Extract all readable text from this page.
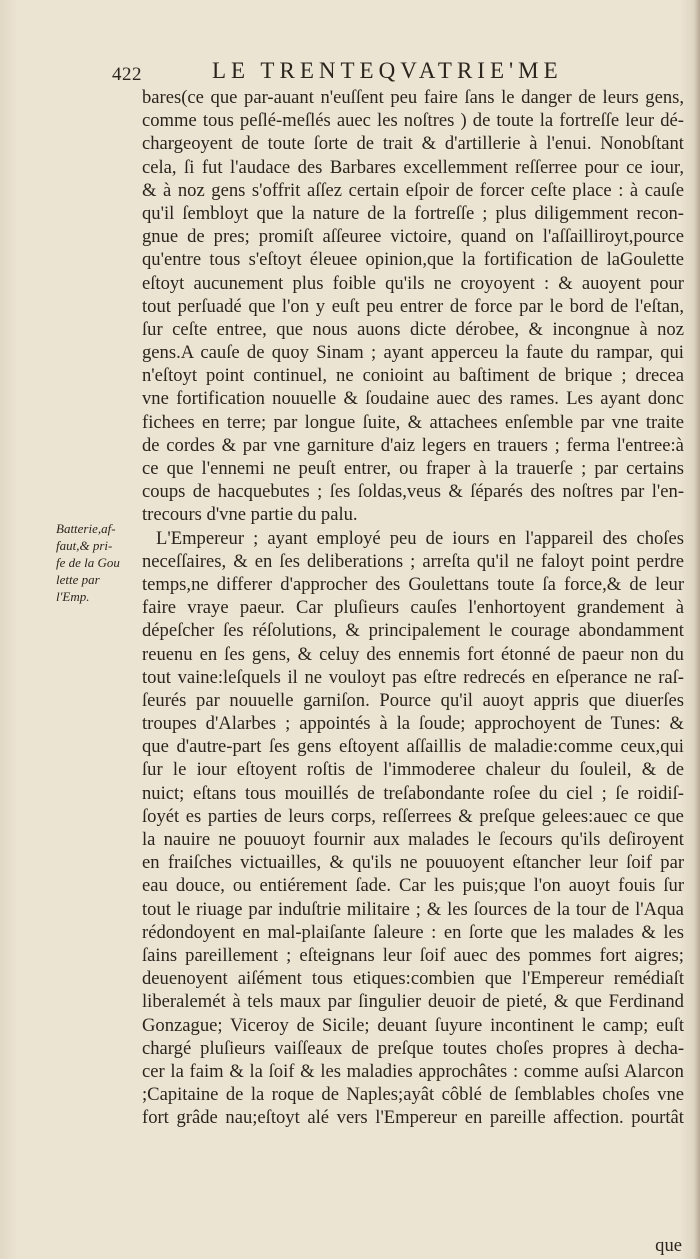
422	LE TRENTEQVATRIE'ME
Batterie,af-
faut,& pri-
fe de la Gou
lette par
l'Emp.
bares(ce que par-auant n'euſſent peu faire ſans le danger de leurs gens,
comme tous peſlé-meſlés auec les noſtres ) de toute la fortreſſe leur dé-
chargeoyent de toute ſorte de trait & d'artillerie à l'enui. Nonobſtant
cela, ſi fut l'audace des Barbares excellemment reſſerree pour ce iour,
& à noz gens s'offrit aſſez certain eſpoir de forcer ceſte place : à cauſe
qu'il ſembloyt que la nature de la fortreſſe ; plus diligemment recon-
gnue de pres; promiſt aſſeuree victoire, quand on l'aſſailliroyt,pource
qu'entre tous s'eſtoyt éleuee opinion,que la fortification de laGoulette
eſtoyt aucunement plus foible qu'ils ne croyoyent : & auoyent pour
tout perſuadé que l'on y euſt peu entrer de force par le bord de l'eſtan,
ſur ceſte entree, que nous auons dicte dérobee, & incongnue à noz
gens.A cauſe de quoy Sinam ; ayant apperceu la faute du rampar, qui
n'eſtoyt point continuel, ne conioint au baſtiment de brique ; drecea
vne fortification nouuelle & ſoudaine auec des rames. Les ayant donc
fichees en terre; par longue ſuite, & attachees enſemble par vne traite
de cordes & par vne garniture d'aiz legers en trauers ; ferma l'entree:à
ce que l'ennemi ne peuſt entrer, ou fraper à la trauerſe ; par certains
coups de hacquebutes ; ſes ſoldas,veus & ſéparés des noſtres par l'en-
trecours d'vne partie du palu.
L'Empereur ; ayant employé peu de iours en l'appareil des choſes
neceſſaires, & en ſes deliberations ; arreſta qu'il ne faloyt point perdre
temps,ne differer d'approcher des Goulettans toute ſa force,& de leur
faire vraye paeur. Car pluſieurs cauſes l'enhortoyent grandement à
dépeſcher ſes réſolutions, & principalement le courage abondamment
reuenu en ſes gens, & celuy des ennemis fort étonné de paeur non du
tout vaine:leſquels il ne vouloyt pas eſtre redrecés en eſperance ne raſ-
ſeurés par nouuelle garniſon. Pource qu'il auoyt appris que diuerſes
troupes d'Alarbes ; appointés à la ſoude; approchoyent de Tunes: &
que d'autre-part ſes gens eſtoyent aſſaillis de maladie:comme ceux,qui
ſur le iour eſtoyent roſtis de l'immoderee chaleur du ſouleil, & de
nuict; eſtans tous mouillés de treſabondante roſee du ciel ; ſe roidiſ-
ſoyét es parties de leurs corps, reſſerrees & preſque gelees:auec ce que
la nauire ne pouuoyt fournir aux malades le ſecours qu'ils deſiroyent
en fraiſches victuailles, & qu'ils ne pouuoyent eſtancher leur ſoif par
eau douce, ou entiérement ſade. Car les puis;que l'on auoyt fouis ſur
tout le riuage par induſtrie militaire ; & les ſources de la tour de l'Aqua
rédondoyent en mal-plaiſante ſaleure : en ſorte que les malades & les
ſains pareillement ; eſteignans leur ſoif auec des pommes fort aigres;
deuenoyent aiſément tous etiques:combien que l'Empereur remédiaſt
liberalemét à tels maux par ſingulier deuoir de pieté, & que Ferdinand
Gonzague; Viceroy de Sicile; deuant ſuyure incontinent le camp; euſt
chargé pluſieurs vaiſſeaux de preſque toutes choſes propres à decha-
cer la faim & la ſoif & les maladies approchâtes : comme auſsi Alarcon
;Capitaine de la roque de Naples;ayât côblé de ſemblables choſes vne
fort grâde nau;eſtoyt alé vers l'Empereur en pareille affection. pourtât
que
